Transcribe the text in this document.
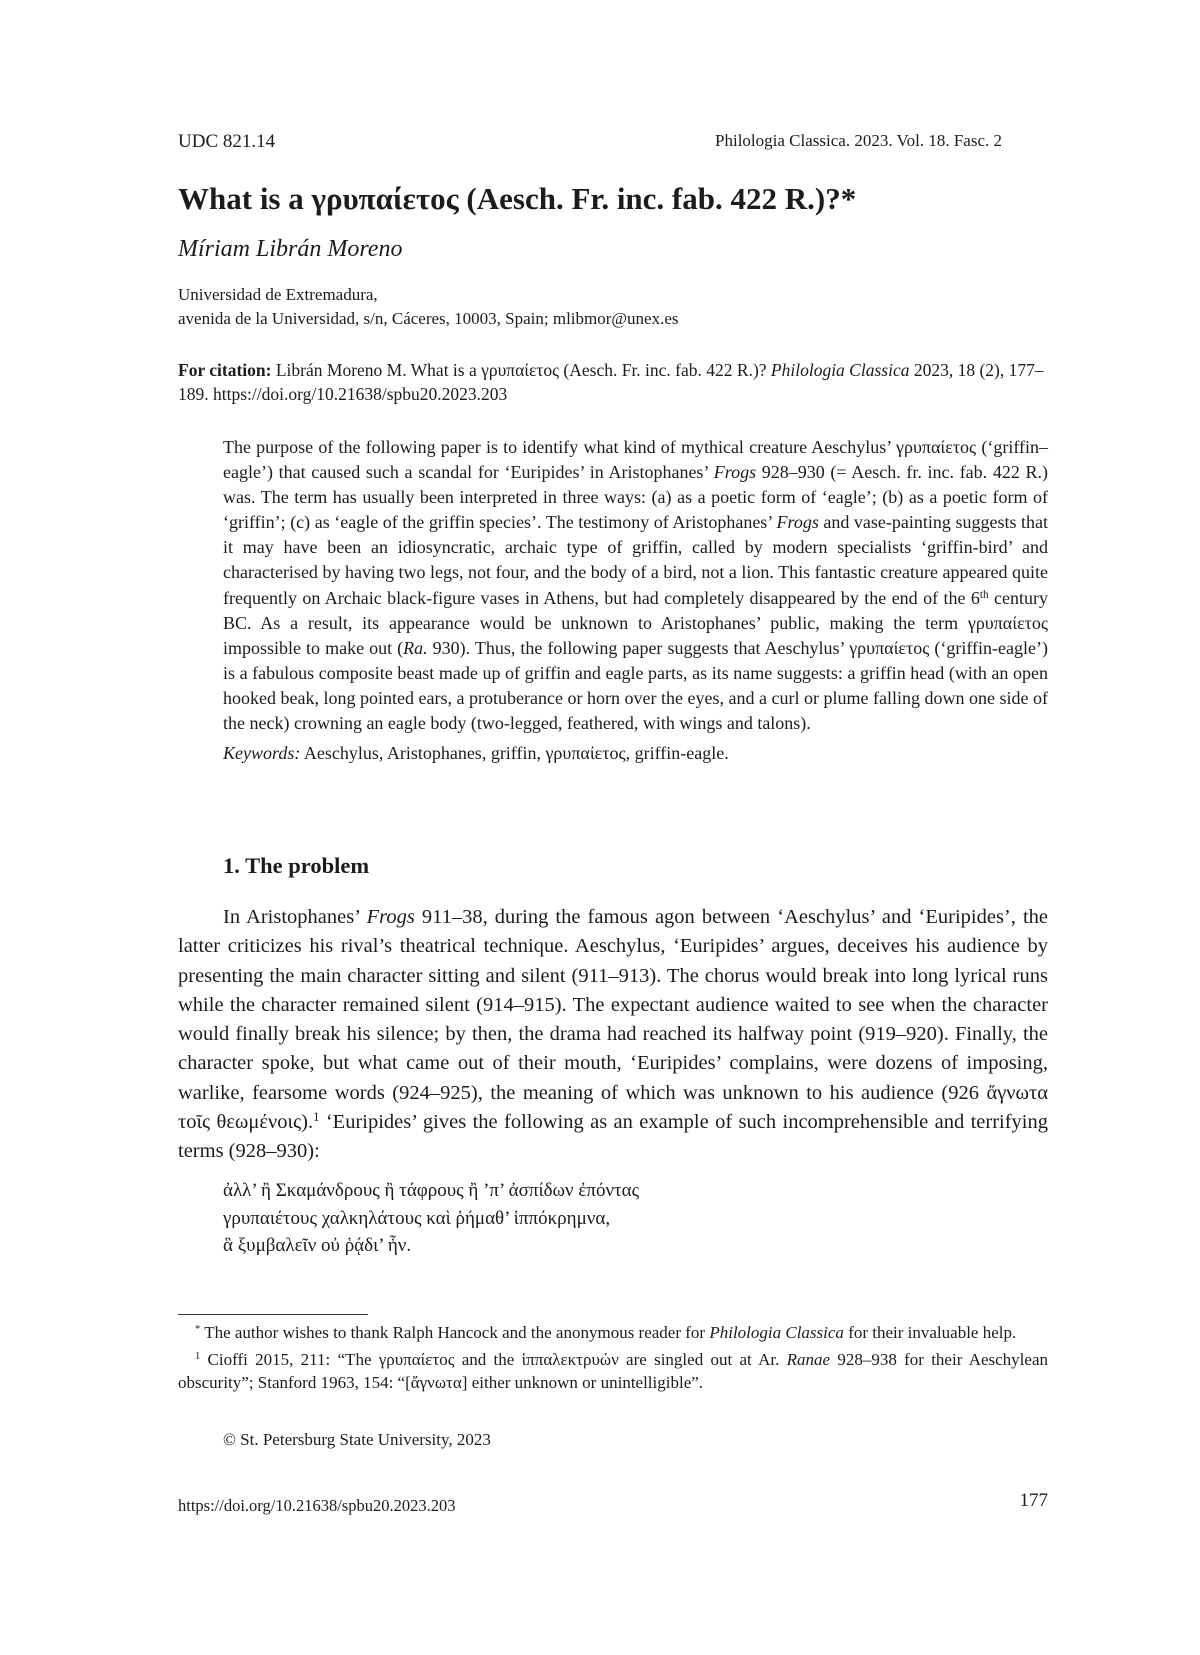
UDC 821.14	Philologia Classica. 2023. Vol. 18. Fasc. 2
What is a γρυπαίετος (Aesch. Fr. inc. fab. 422 R.)?*
Míriam Librán Moreno
Universidad de Extremadura,
avenida de la Universidad, s/n, Cáceres, 10003, Spain; mlibmor@unex.es
For citation: Librán Moreno M. What is a γρυπαίετος (Aesch. Fr. inc. fab. 422 R.)? Philologia Classica 2023, 18 (2), 177–189. https://doi.org/10.21638/spbu20.2023.203

The purpose of the following paper is to identify what kind of mythical creature Aeschylus’ γρυπαίετος (‘griffin–eagle’) that caused such a scandal for ‘Euripides’ in Aristophanes’ Frogs 928–930 (= Aesch. fr. inc. fab. 422 R.) was. The term has usually been interpreted in three ways: (a) as a poetic form of ‘eagle’; (b) as a poetic form of ‘griffin’; (c) as ‘eagle of the griffin species’. The testimony of Aristophanes’ Frogs and vase-painting suggests that it may have been an idiosyncratic, archaic type of griffin, called by modern specialists ‘griffin-bird’ and characterised by having two legs, not four, and the body of a bird, not a lion. This fantastic creature appeared quite frequently on Archaic black-figure vases in Athens, but had completely disappeared by the end of the 6th century BC. As a result, its appearance would be unknown to Aristophanes’ public, making the term γρυπαίετος impossible to make out (Ra. 930). Thus, the following paper suggests that Aeschylus’ γρυπαίετος (‘griffin-eagle’) is a fabulous composite beast made up of griffin and eagle parts, as its name suggests: a griffin head (with an open hooked beak, long pointed ears, a protuberance or horn over the eyes, and a curl or plume falling down one side of the neck) crowning an eagle body (two-legged, feathered, with wings and talons).

Keywords: Aeschylus, Aristophanes, griffin, γρυπαίετος, griffin-eagle.

1. The problem

In Aristophanes’ Frogs 911–38, during the famous agon between ‘Aeschylus’ and ‘Euripides’, the latter criticizes his rival’s theatrical technique. Aeschylus, ‘Euripides’ argues, deceives his audience by presenting the main character sitting and silent (911–913). The chorus would break into long lyrical runs while the character remained silent (914–915). The expectant audience waited to see when the character would finally break his silence; by then, the drama had reached its halfway point (919–920). Finally, the character spoke, but what came out of their mouth, ‘Euripides’ complains, were dozens of imposing, warlike, fearsome words (924–925), the meaning of which was unknown to his audience (926 ἄγνωτα τοῖς θεωμένοις).$^1$ ‘Euripides’ gives the following as an example of such incomprehensible and terrifying terms (928–930):

ἀλλ’ ἢ Σκαμάνδρους ἢ τάφρους ἢ ’π’ ἀσπίδων ἐπόντας
γρυπαιέτους χαλκηλάτους καὶ ῥήμαθ’ ἱππόκρημνα,
ἃ ξυμβαλεῖν οὐ ῥᾴδι’ ἦν.

* The author wishes to thank Ralph Hancock and the anonymous reader for Philologia Classica for their invaluable help.

$^1$ Cioffi 2015, 211: “The γρυπαίετος and the ἱππαλεκτρυών are singled out at Ar. Ranae 928–938 for their Aeschylean obscurity”; Stanford 1963, 154: “[ἄγνωτα] either unknown or unintelligible”.

© St. Petersburg State University, 2023
https://doi.org/10.21638/spbu20.2023.203	177
